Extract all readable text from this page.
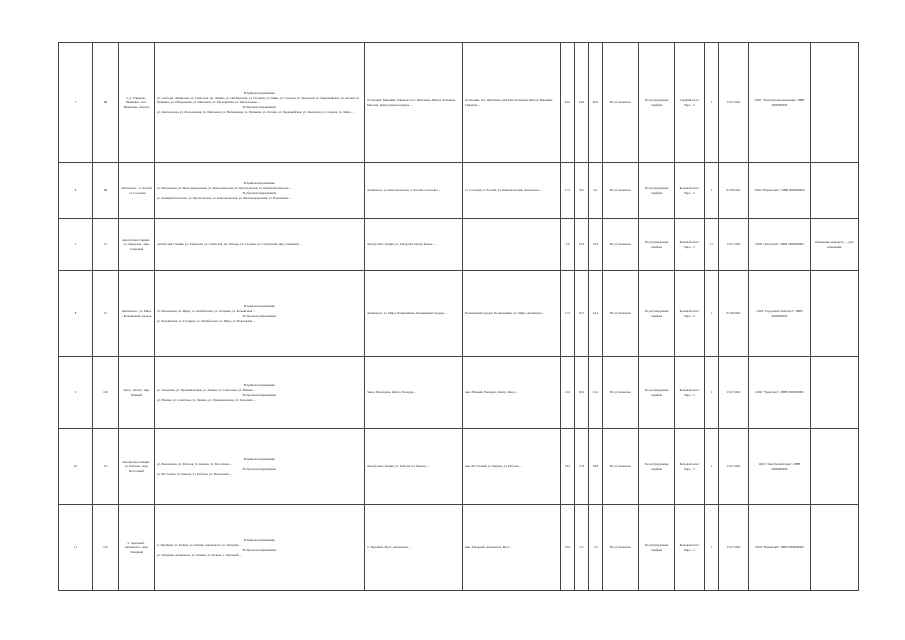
7	88	п. д. Гаврилов - Вишняки - пос. Ивантеево, обратно	В прямом направлении:
ул. Свободы, Ленинская, ул. Советская, пр. Ленина, ул. Октябрьская, ул. Гагарина, ул. Мира, ул. Садовая, ул. Заводская, ул. Первомайская, ул. Лесная, ул. Пушкина, ул. Набережная, ул. Школьная, ул. Молодёжная, ул. Центральная ...
В обратном направлении:
ул. Центральная, ул. Молодёжная, ул. Школьная, ул. Набережная, ул. Пушкина, ул. Лесная, ул. Первомайская, ул. Заводская, ул. Садовая, ул. Мира ...	Остановки: Вишняки, Гаврилов, пос. Ивантеево, Школа, Больница, Магазин, Центральная площадь ...	Остановки: пос. Ивантеево, Магазин, Больница, Школа, Вишняки, Гаврилов ...	44,0	43,0	62,0	Не установлено	По регулируемым тарифам	Средний класс Евро - 5	1	15.07.2022	ООО "Транспортная компания", ИНН 0000000000	
8	89	Автовокзал - п. Лесной - ст. Сосновая	В прямом направлении:
ул. Вокзальная, ул. Железнодорожная, ул. Комсомольская, ул. Пролетарская, ул. Коммунистическая ...
В обратном направлении:
ул. Коммунистическая, ул. Пролетарская, ул. Комсомольская, ул. Железнодорожная, ул. Вокзальная ...	Автовокзал, ул. Комсомольская, п. Лесной, Сельсовет ...	ст. Сосновая, п. Лесной, ул. Комсомольская, Автовокзал ...	17,5	8,0	9,4	Не установлено	По регулируемым тарифам	Большой класс Евро - 5	1	01.08.2022	ООО "Перевозчик", ИНН 0000000000	
7	1а	Автобусная станция - ул. Заводская - мкр. Северный	Автобусная станция, ул. Заводская, ул. Советская, пр. Победы, ул. Садовая, ул. Строителей, мкр. Северный ...	Автобусная станция, ул. Заводская, Центр, Рынок ...		5,6	19,3	10,6	Не установлено	По регулируемым тарифам	Большой класс Евро - 5	1а	15.07.2022	ООО "Автотранс", ИНН 0000000000	Изменение маршрута, ... дата изменения
8	1б	Автовокзал - ул. Мира - Больничный городок	В прямом направлении:
ул. Вокзальная, ул. Мира, ул. Октябрьская, ул. Гагарина, ул. Больничная ...
В обратном направлении:
ул. Больничная, ул. Гагарина, ул. Октябрьская, ул. Мира, ул. Вокзальная ...	Автовокзал, ул. Мира, Поликлиника, Больничный городок ...	Больничный городок, Поликлиника, ул. Мира, Автовокзал ...	11,5	10,7	22,2	Не установлено	По регулируемым тарифам	Большой класс Евро - 5	1	01.08.2022	ООО "Городской транспорт", ИНН 0000000000	
9	10б	Завод - Центр - мкр. Южный	В прямом направлении:
ул. Заводская, ул. Промышленная, ул. Ленина, ул. Советская, ул. Южная ...
В обратном направлении:
ул. Южная, ул. Советская, ул. Ленина, ул. Промышленная, ул. Заводская ...	Завод, Проходная, Центр, Площадь ...	мкр. Южный, Площадь, Центр, Завод ...	12,6	20,9	21,2	Не установлено	По регулируемым тарифам	Большой класс Евро - 5	1	15.07.2022	ООО "Транспорт", ИНН 0000000000	
10	11а	Автобусная станция - ул. Рабочая - мкр. Восточный	В прямом направлении:
ул. Вокзальная, ул. Рабочая, ул. Кирова, ул. Восточная ...
В обратном направлении:
ул. Восточная, ул. Кирова, ул. Рабочая, ул. Вокзальная ...	Автобусная станция, ул. Рабочая, ул. Кирова ...	мкр. Восточный, ул. Кирова, ул. Рабочая ...	18,5	17,0	18,8	Не установлено	По регулируемым тарифам	Большой класс Евро - 5	1	15.07.2022	ООО "Автобусный парк", ИНН 0000000000	
11	12б	п. Заречный - Автовокзал - мкр. Западный	В прямом направлении:
п. Заречный, ул. Речная, ул. Ленина, Автовокзал, ул. Западная ...
В обратном направлении:
ул. Западная, Автовокзал, ул. Ленина, ул. Речная, п. Заречный ...	п. Заречный, Мост, Автовокзал ...	мкр. Западный, Автовокзал, Мост ...	10,0	5,5	7,4	Не установлено	По регулируемым тарифам	Большой класс Евро - 5	1	15.07.2022	ООО "Перевозки", ИНН 0000000000	
